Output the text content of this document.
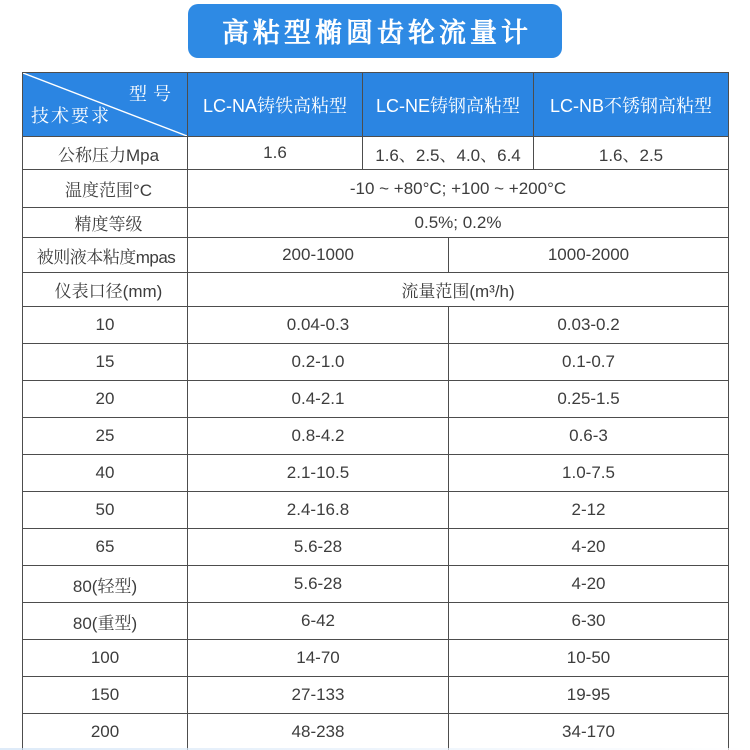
高粘型椭圆齿轮流量计
型号
技术要求	LC-NA铸铁高粘型	LC-NE铸钢高粘型		LC-NB不锈钢高粘型
公称压力Mpa	1.6	1.6、2.5、4.0、6.4		1.6、2.5
温度范围°C	-10 ~ +80°C; +100 ~ +200°C			
精度等级	0.5%; 0.2%			
被则液本粘度mpas	200-1000		1000-2000	
仪表口径(mm)	流量范围(m³/h)			
10	0.04-0.3		0.03-0.2	
15	0.2-1.0		0.1-0.7	
20	0.4-2.1		0.25-1.5	
25	0.8-4.2		0.6-3	
40	2.1-10.5		1.0-7.5	
50	2.4-16.8		2-12	
65	5.6-28		4-20	
80(轻型)	5.6-28		4-20	
80(重型)	6-42		6-30	
100	14-70		10-50	
150	27-133		19-95	
200	48-238		34-170	
